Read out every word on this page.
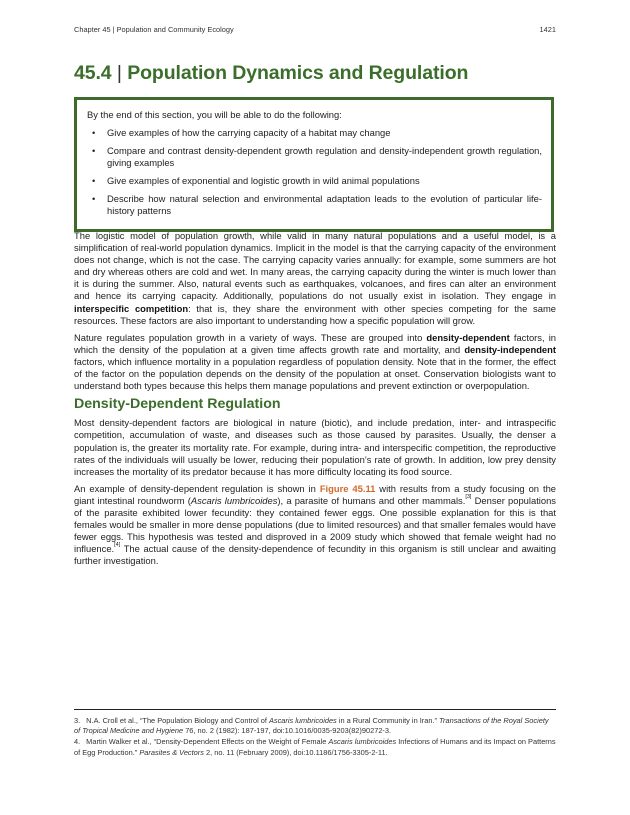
Chapter 45 | Population and Community Ecology	1421
45.4 | Population Dynamics and Regulation

By the end of this section, you will be able to do the following:

• Give examples of how the carrying capacity of a habitat may change
• Compare and contrast density-dependent growth regulation and density-independent growth regulation, giving examples
• Give examples of exponential and logistic growth in wild animal populations
• Describe how natural selection and environmental adaptation leads to the evolution of particular life-history patterns

The logistic model of population growth, while valid in many natural populations and a useful model, is a simplification of real-world population dynamics. Implicit in the model is that the carrying capacity of the environment does not change, which is not the case. The carrying capacity varies annually: for example, some summers are hot and dry whereas others are cold and wet. In many areas, the carrying capacity during the winter is much lower than it is during the summer. Also, natural events such as earthquakes, volcanoes, and fires can alter an environment and hence its carrying capacity. Additionally, populations do not usually exist in isolation. They engage in interspecific competition: that is, they share the environment with other species competing for the same resources. These factors are also important to understanding how a specific population will grow.

Nature regulates population growth in a variety of ways. These are grouped into density-dependent factors, in which the density of the population at a given time affects growth rate and mortality, and density-independent factors, which influence mortality in a population regardless of population density. Note that in the former, the effect of the factor on the population depends on the density of the population at onset. Conservation biologists want to understand both types because this helps them manage populations and prevent extinction or overpopulation.

Density-Dependent Regulation

Most density-dependent factors are biological in nature (biotic), and include predation, inter- and intraspecific competition, accumulation of waste, and diseases such as those caused by parasites. Usually, the denser a population is, the greater its mortality rate. For example, during intra- and interspecific competition, the reproductive rates of the individuals will usually be lower, reducing their population’s rate of growth. In addition, low prey density increases the mortality of its predator because it has more difficulty locating its food source.

An example of density-dependent regulation is shown in Figure 45.11 with results from a study focusing on the giant intestinal roundworm (Ascaris lumbricoides), a parasite of humans and other mammals.[3] Denser populations of the parasite exhibited lower fecundity: they contained fewer eggs. One possible explanation for this is that females would be smaller in more dense populations (due to limited resources) and that smaller females would have fewer eggs. This hypothesis was tested and disproved in a 2009 study which showed that female weight had no influence.[4] The actual cause of the density-dependence of fecundity in this organism is still unclear and awaiting further investigation.

3. N.A. Croll et al., “The Population Biology and Control of Ascaris lumbricoides in a Rural Community in Iran.” Transactions of the Royal Society of Tropical Medicine and Hygiene 76, no. 2 (1982): 187-197, doi:10.1016/0035-9203(82)90272-3.

4. Martin Walker et al., “Density-Dependent Effects on the Weight of Female Ascaris lumbricoides Infections of Humans and its Impact on Patterns of Egg Production.” Parasites & Vectors 2, no. 11 (February 2009), doi:10.1186/1756-3305-2-11.
